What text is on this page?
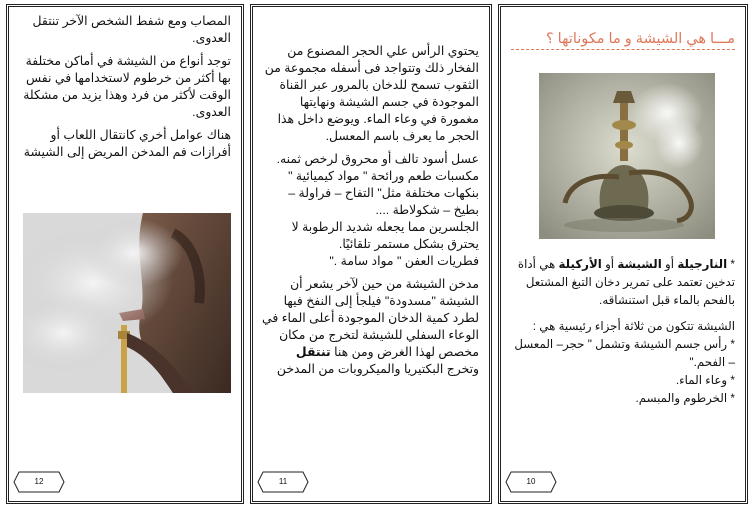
المصاب ومع شفط الشخص الآخر تنتقل العدوى.

توجد أنواع من الشيشة في أماكن مختلفة بها أكثر من خرطوم لاستخدامها في نفس الوقت لأكثر من فرد وهذا يزيد من مشكلة العدوى.

هناك عوامل أخري كانتقال اللعاب أو أفرازات فم المدخن المريض إلى الشيشة

12

يحتوي الرأس علي الحجر المصنوع من الفخار ذلك وتتواجد فى أسفله مجموعة من الثقوب تسمح للدخان بالمرور عبر القناة الموجودة في جسم الشيشة ونهايتها مغمورة في وعاء الماء. ويوضع داخل هذا الحجر ما يعرف باسم المعسل.

عسل أسود تالف أو محروق لرخص ثمنه. مكسبات طعم ورائحة " مواد كيميائية " بنكهات مختلفة مثل" التفاح – فراولة – بطيخ – شكولاطة ....

الجلسرين مما يجعله شديد الرطوبة لا يحترق بشكل مستمر تلقائيًا.

فطريات العفن " مواد سامة ."

مدخن الشيشة من حين لآخر يشعر أن الشيشة "مسدودة" فيلجأ إلى النفخ فيها لطرد كمية الدخان الموجودة أعلى الماء في الوعاء السفلي للشيشة لتخرج من مكان مخصص لهذا الغرض ومن هنا تنتقل وتخرج البكتيريا والميكروبات من المدخن

11
مـــا هي الشيشة و ما مكوناتها ؟

* النارجيلة أو الشيشة أو الأركيلة هي أداة تدخين تعتمد على تمرير دخان التبغ المشتعل بالفحم بالماء قبل استنشاقه.

الشيشة تتكون من ثلاثة أجزاء رئيسية هي :

* رأس جسم الشيشة وتشمل " حجر– المعسل – الفحم."

* وعاء الماء.

* الخرطوم والمبسم.

10
